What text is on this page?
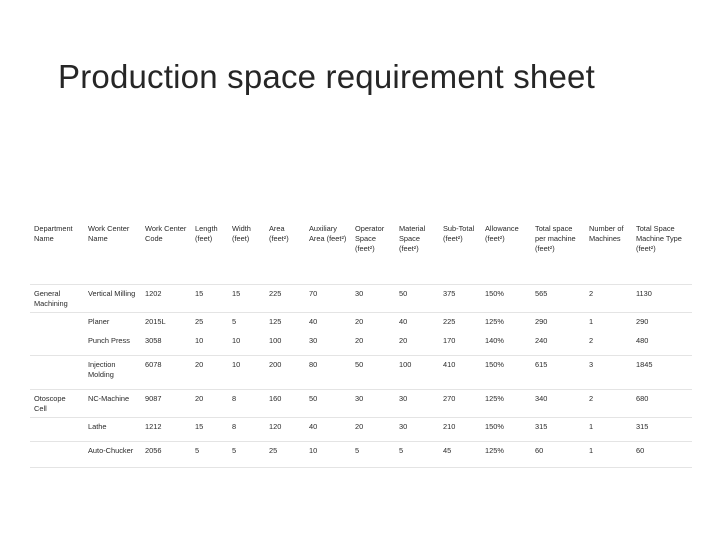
Production space requirement sheet
Department Name	Work Center Name	Work Center Code	Length (feet)	Width (feet)	Area (feet²)	Auxiliary Area (feet²)	Operator Space (feet²)	Material Space (feet²)	Sub-Total (feet²)	Allowance (feet²)	Total space per machine (feet²)	Number of Machines	Total Space Machine Type (feet²)
General Machining	Vertical Milling	1202	15	15	225	70	30	50	375	150%	565	2	1130
	Planer	2015L	25	5	125	40	20	40	225	125%	290	1	290
	Punch Press	3058	10	10	100	30	20	20	170	140%	240	2	480
	Injection Molding	6078	20	10	200	80	50	100	410	150%	615	3	1845
Otoscope Cell	NC-Machine	9087	20	8	160	50	30	30	270	125%	340	2	680
	Lathe	1212	15	8	120	40	20	30	210	150%	315	1	315
	Auto-Chucker	2056	5	5	25	10	5	5	45	125%	60	1	60
